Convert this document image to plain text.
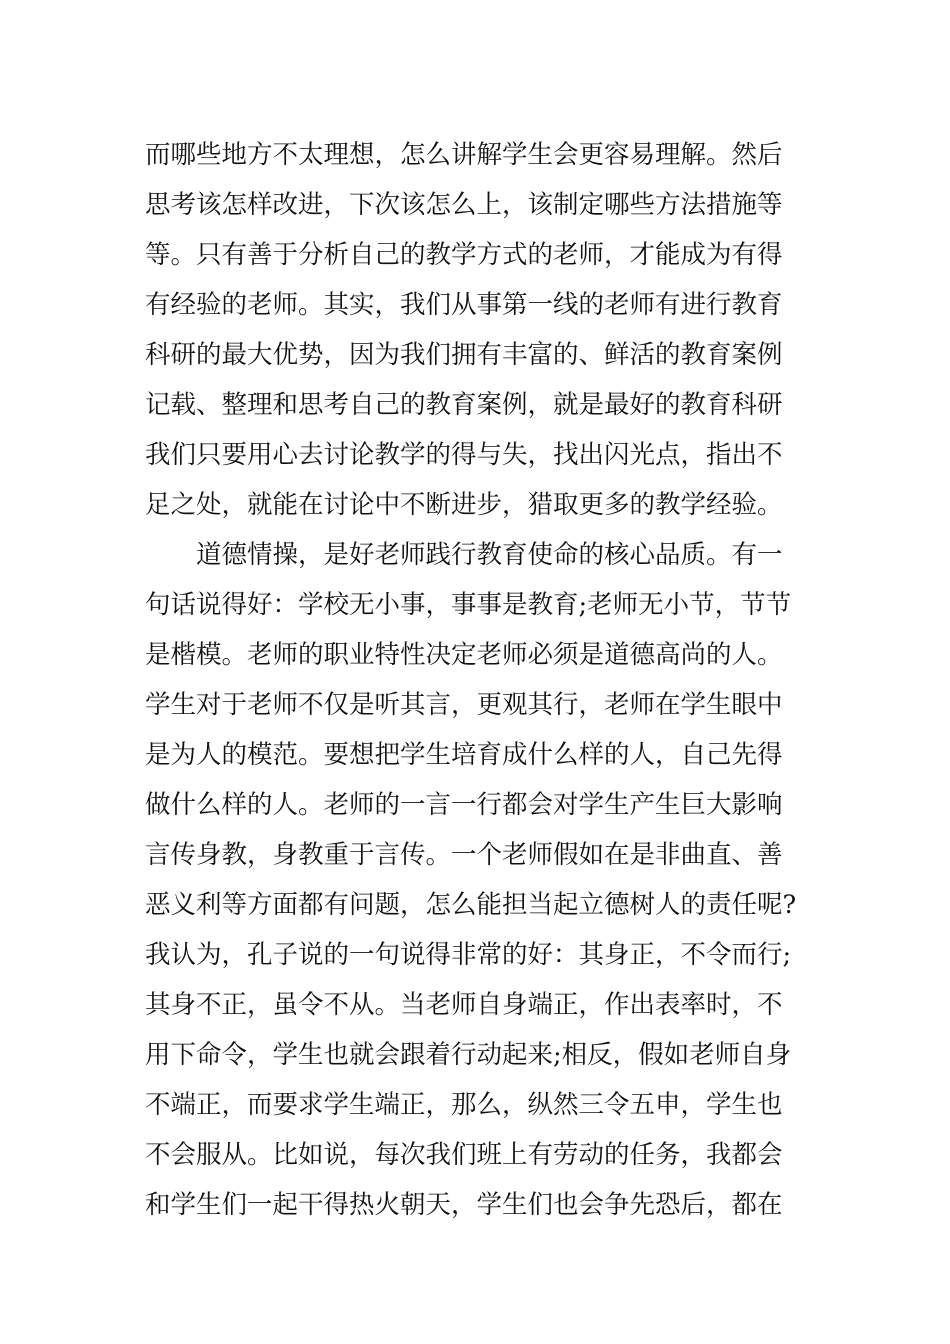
而哪些地方不太理想，怎么讲解学生会更容易理解。然后
思考该怎样改进，下次该怎么上，该制定哪些方法措施等
等。只有善于分析自己的教学方式的老师，才能成为有得
有经验的老师。其实，我们从事第一线的老师有进行教育
科研的最大优势，因为我们拥有丰富的、鲜活的教育案例
记载、整理和思考自己的教育案例，就是最好的教育科研
我们只要用心去讨论教学的得与失，找出闪光点，指出不
足之处，就能在讨论中不断进步，猎取更多的教学经验。
　　道德情操，是好老师践行教育使命的核心品质。有一
句话说得好：学校无小事，事事是教育;老师无小节，节节
是楷模。老师的职业特性决定老师必须是道德高尚的人。
学生对于老师不仅是听其言，更观其行，老师在学生眼中
是为人的模范。要想把学生培育成什么样的人，自己先得
做什么样的人。老师的一言一行都会对学生产生巨大影响
言传身教，身教重于言传。一个老师假如在是非曲直、善
恶义利等方面都有问题，怎么能担当起立德树人的责任呢?
我认为，孔子说的一句说得非常的好：其身正，不令而行;
其身不正，虽令不从。当老师自身端正，作出表率时，不
用下命令，学生也就会跟着行动起来;相反，假如老师自身
不端正，而要求学生端正，那么，纵然三令五申，学生也
不会服从。比如说，每次我们班上有劳动的任务，我都会
和学生们一起干得热火朝天，学生们也会争先恐后，都在
